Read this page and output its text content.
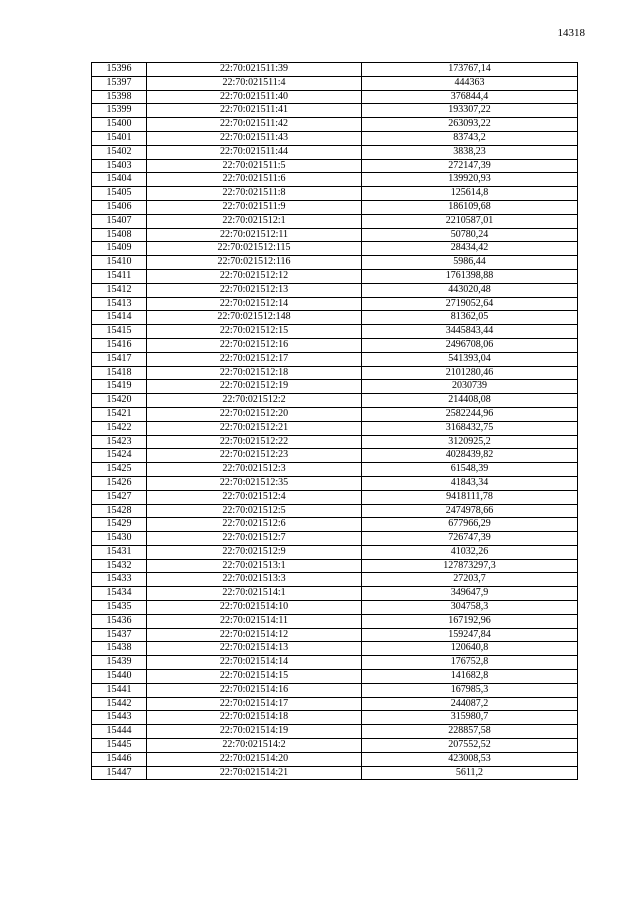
14318
15396	22:70:021511:39	173767,14
15397	22:70:021511:4	444363
15398	22:70:021511:40	376844,4
15399	22:70:021511:41	193307,22
15400	22:70:021511:42	263093,22
15401	22:70:021511:43	83743,2
15402	22:70:021511:44	3838,23
15403	22:70:021511:5	272147,39
15404	22:70:021511:6	139920,93
15405	22:70:021511:8	125614,8
15406	22:70:021511:9	186109,68
15407	22:70:021512:1	2210587,01
15408	22:70:021512:11	50780,24
15409	22:70:021512:115	28434,42
15410	22:70:021512:116	5986,44
15411	22:70:021512:12	1761398,88
15412	22:70:021512:13	443020,48
15413	22:70:021512:14	2719052,64
15414	22:70:021512:148	81362,05
15415	22:70:021512:15	3445843,44
15416	22:70:021512:16	2496708,06
15417	22:70:021512:17	541393,04
15418	22:70:021512:18	2101280,46
15419	22:70:021512:19	2030739
15420	22:70:021512:2	214408,08
15421	22:70:021512:20	2582244,96
15422	22:70:021512:21	3168432,75
15423	22:70:021512:22	3120925,2
15424	22:70:021512:23	4028439,82
15425	22:70:021512:3	61548,39
15426	22:70:021512:35	41843,34
15427	22:70:021512:4	9418111,78
15428	22:70:021512:5	2474978,66
15429	22:70:021512:6	677966,29
15430	22:70:021512:7	726747,39
15431	22:70:021512:9	41032,26
15432	22:70:021513:1	127873297,3
15433	22:70:021513:3	27203,7
15434	22:70:021514:1	349647,9
15435	22:70:021514:10	304758,3
15436	22:70:021514:11	167192,96
15437	22:70:021514:12	159247,84
15438	22:70:021514:13	120640,8
15439	22:70:021514:14	176752,8
15440	22:70:021514:15	141682,8
15441	22:70:021514:16	167985,3
15442	22:70:021514:17	244087,2
15443	22:70:021514:18	315980,7
15444	22:70:021514:19	228857,58
15445	22:70:021514:2	207552,52
15446	22:70:021514:20	423008,53
15447	22:70:021514:21	5611,2
